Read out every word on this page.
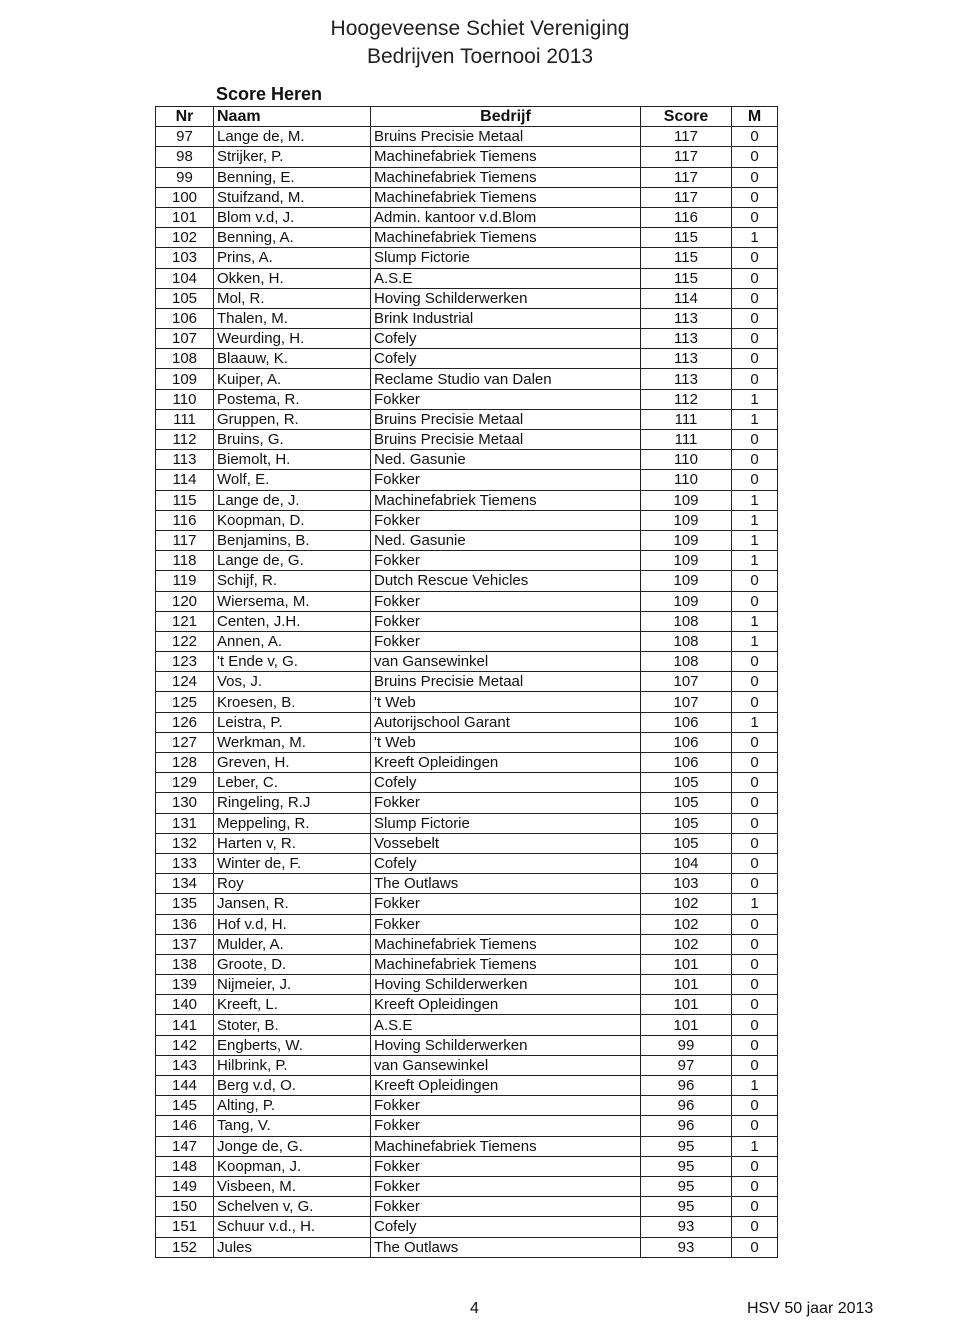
Hoogeveense Schiet Vereniging
Bedrijven Toernooi 2013
Score Heren
Nr	Naam	Bedrijf	Score	M
97	Lange de, M.	Bruins Precisie Metaal	117	0
98	Strijker, P.	Machinefabriek Tiemens	117	0
99	Benning, E.	Machinefabriek Tiemens	117	0
100	Stuifzand, M.	Machinefabriek Tiemens	117	0
101	Blom v.d, J.	Admin. kantoor v.d.Blom	116	0
102	Benning, A.	Machinefabriek Tiemens	115	1
103	Prins, A.	Slump Fictorie	115	0
104	Okken, H.	A.S.E	115	0
105	Mol, R.	Hoving Schilderwerken	114	0
106	Thalen, M.	Brink Industrial	113	0
107	Weurding, H.	Cofely	113	0
108	Blaauw, K.	Cofely	113	0
109	Kuiper, A.	Reclame Studio van Dalen	113	0
110	Postema, R.	Fokker	112	1
111	Gruppen, R.	Bruins Precisie Metaal	111	1
112	Bruins, G.	Bruins Precisie Metaal	111	0
113	Biemolt, H.	Ned. Gasunie	110	0
114	Wolf, E.	Fokker	110	0
115	Lange de, J.	Machinefabriek Tiemens	109	1
116	Koopman, D.	Fokker	109	1
117	Benjamins, B.	Ned. Gasunie	109	1
118	Lange de, G.	Fokker	109	1
119	Schijf, R.	Dutch Rescue Vehicles	109	0
120	Wiersema, M.	Fokker	109	0
121	Centen, J.H.	Fokker	108	1
122	Annen, A.	Fokker	108	1
123	't Ende v, G.	van Gansewinkel	108	0
124	Vos, J.	Bruins Precisie Metaal	107	0
125	Kroesen, B.	't Web	107	0
126	Leistra, P.	Autorijschool Garant	106	1
127	Werkman, M.	't Web	106	0
128	Greven, H.	Kreeft Opleidingen	106	0
129	Leber, C.	Cofely	105	0
130	Ringeling, R.J	Fokker	105	0
131	Meppeling, R.	Slump Fictorie	105	0
132	Harten v, R.	Vossebelt	105	0
133	Winter de, F.	Cofely	104	0
134	Roy	The Outlaws	103	0
135	Jansen, R.	Fokker	102	1
136	Hof v.d, H.	Fokker	102	0
137	Mulder, A.	Machinefabriek Tiemens	102	0
138	Groote, D.	Machinefabriek Tiemens	101	0
139	Nijmeier, J.	Hoving Schilderwerken	101	0
140	Kreeft, L.	Kreeft Opleidingen	101	0
141	Stoter, B.	A.S.E	101	0
142	Engberts, W.	Hoving Schilderwerken	99	0
143	Hilbrink, P.	van Gansewinkel	97	0
144	Berg v.d, O.	Kreeft Opleidingen	96	1
145	Alting, P.	Fokker	96	0
146	Tang, V.	Fokker	96	0
147	Jonge de, G.	Machinefabriek Tiemens	95	1
148	Koopman, J.	Fokker	95	0
149	Visbeen, M.	Fokker	95	0
150	Schelven v, G.	Fokker	95	0
151	Schuur v.d., H.	Cofely	93	0
152	Jules	The Outlaws	93	0
4	HSV 50 jaar 2013
